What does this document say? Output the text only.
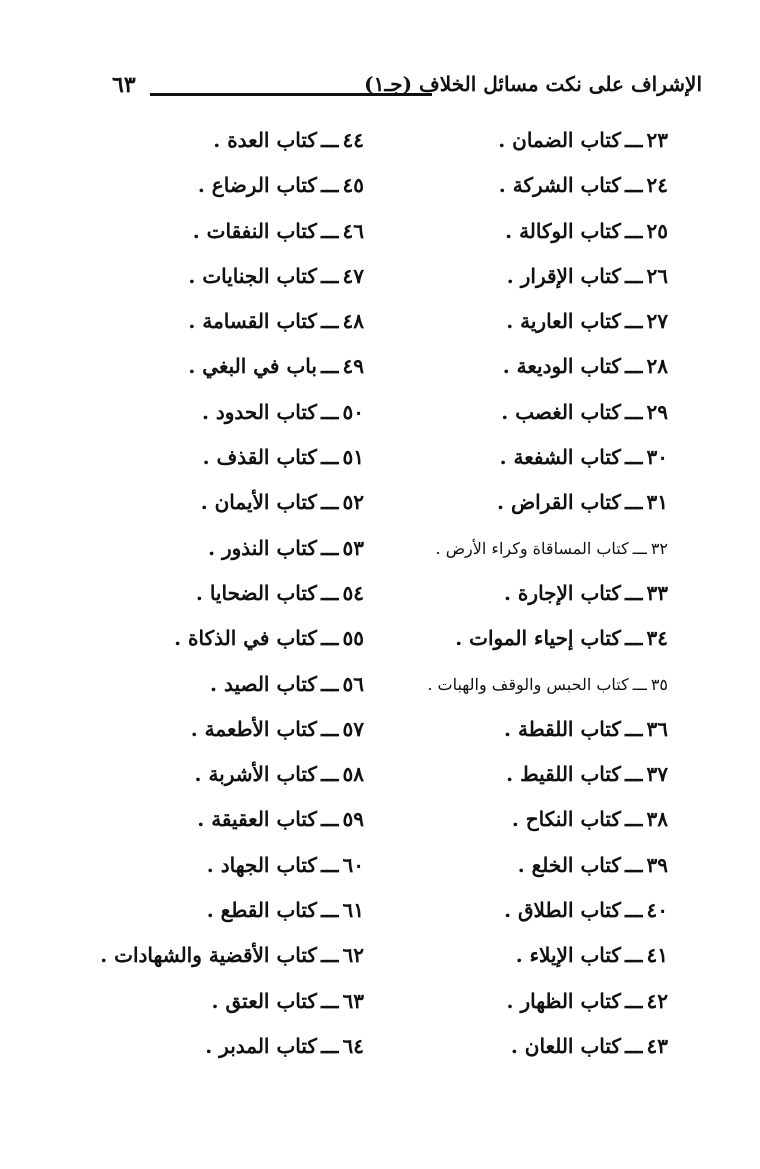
الإشراف على نكت مسائل الخلاف (جـ١)
٦٣
٢٣ـــكتاب الضمان .
٢٤ـــكتاب الشركة .
٢٥ـــكتاب الوكالة .
٢٦ـــكتاب الإقرار .
٢٧ـــكتاب العارية .
٢٨ـــكتاب الوديعة .
٢٩ـــكتاب الغصب .
٣٠ـــكتاب الشفعة .
٣١ـــكتاب القراض .
٣٢ـــكتاب المساقاة وكراء الأرض .
٣٣ـــكتاب الإجارة .
٣٤ـــكتاب إحياء الموات .
٣٥ـــكتاب الحبس والوقف والهبات .
٣٦ـــكتاب اللقطة .
٣٧ـــكتاب اللقيط .
٣٨ـــكتاب النكاح .
٣٩ـــكتاب الخلع .
٤٠ـــكتاب الطلاق .
٤١ـــكتاب الإيلاء .
٤٢ـــكتاب الظهار .
٤٣ـــكتاب اللعان .
٤٤ـــكتاب العدة .
٤٥ـــكتاب الرضاع .
٤٦ـــكتاب النفقات .
٤٧ـــكتاب الجنايات .
٤٨ـــكتاب القسامة .
٤٩ـــباب في البغي .
٥٠ـــكتاب الحدود .
٥١ـــكتاب القذف .
٥٢ـــكتاب الأيمان .
٥٣ـــكتاب النذور .
٥٤ـــكتاب الضحايا .
٥٥ـــكتاب في الذكاة .
٥٦ـــكتاب الصيد .
٥٧ـــكتاب الأطعمة .
٥٨ـــكتاب الأشربة .
٥٩ـــكتاب العقيقة .
٦٠ـــكتاب الجهاد .
٦١ـــكتاب القطع .
٦٢ـــكتاب الأقضية والشهادات .
٦٣ـــكتاب العتق .
٦٤ـــكتاب المدبر .
